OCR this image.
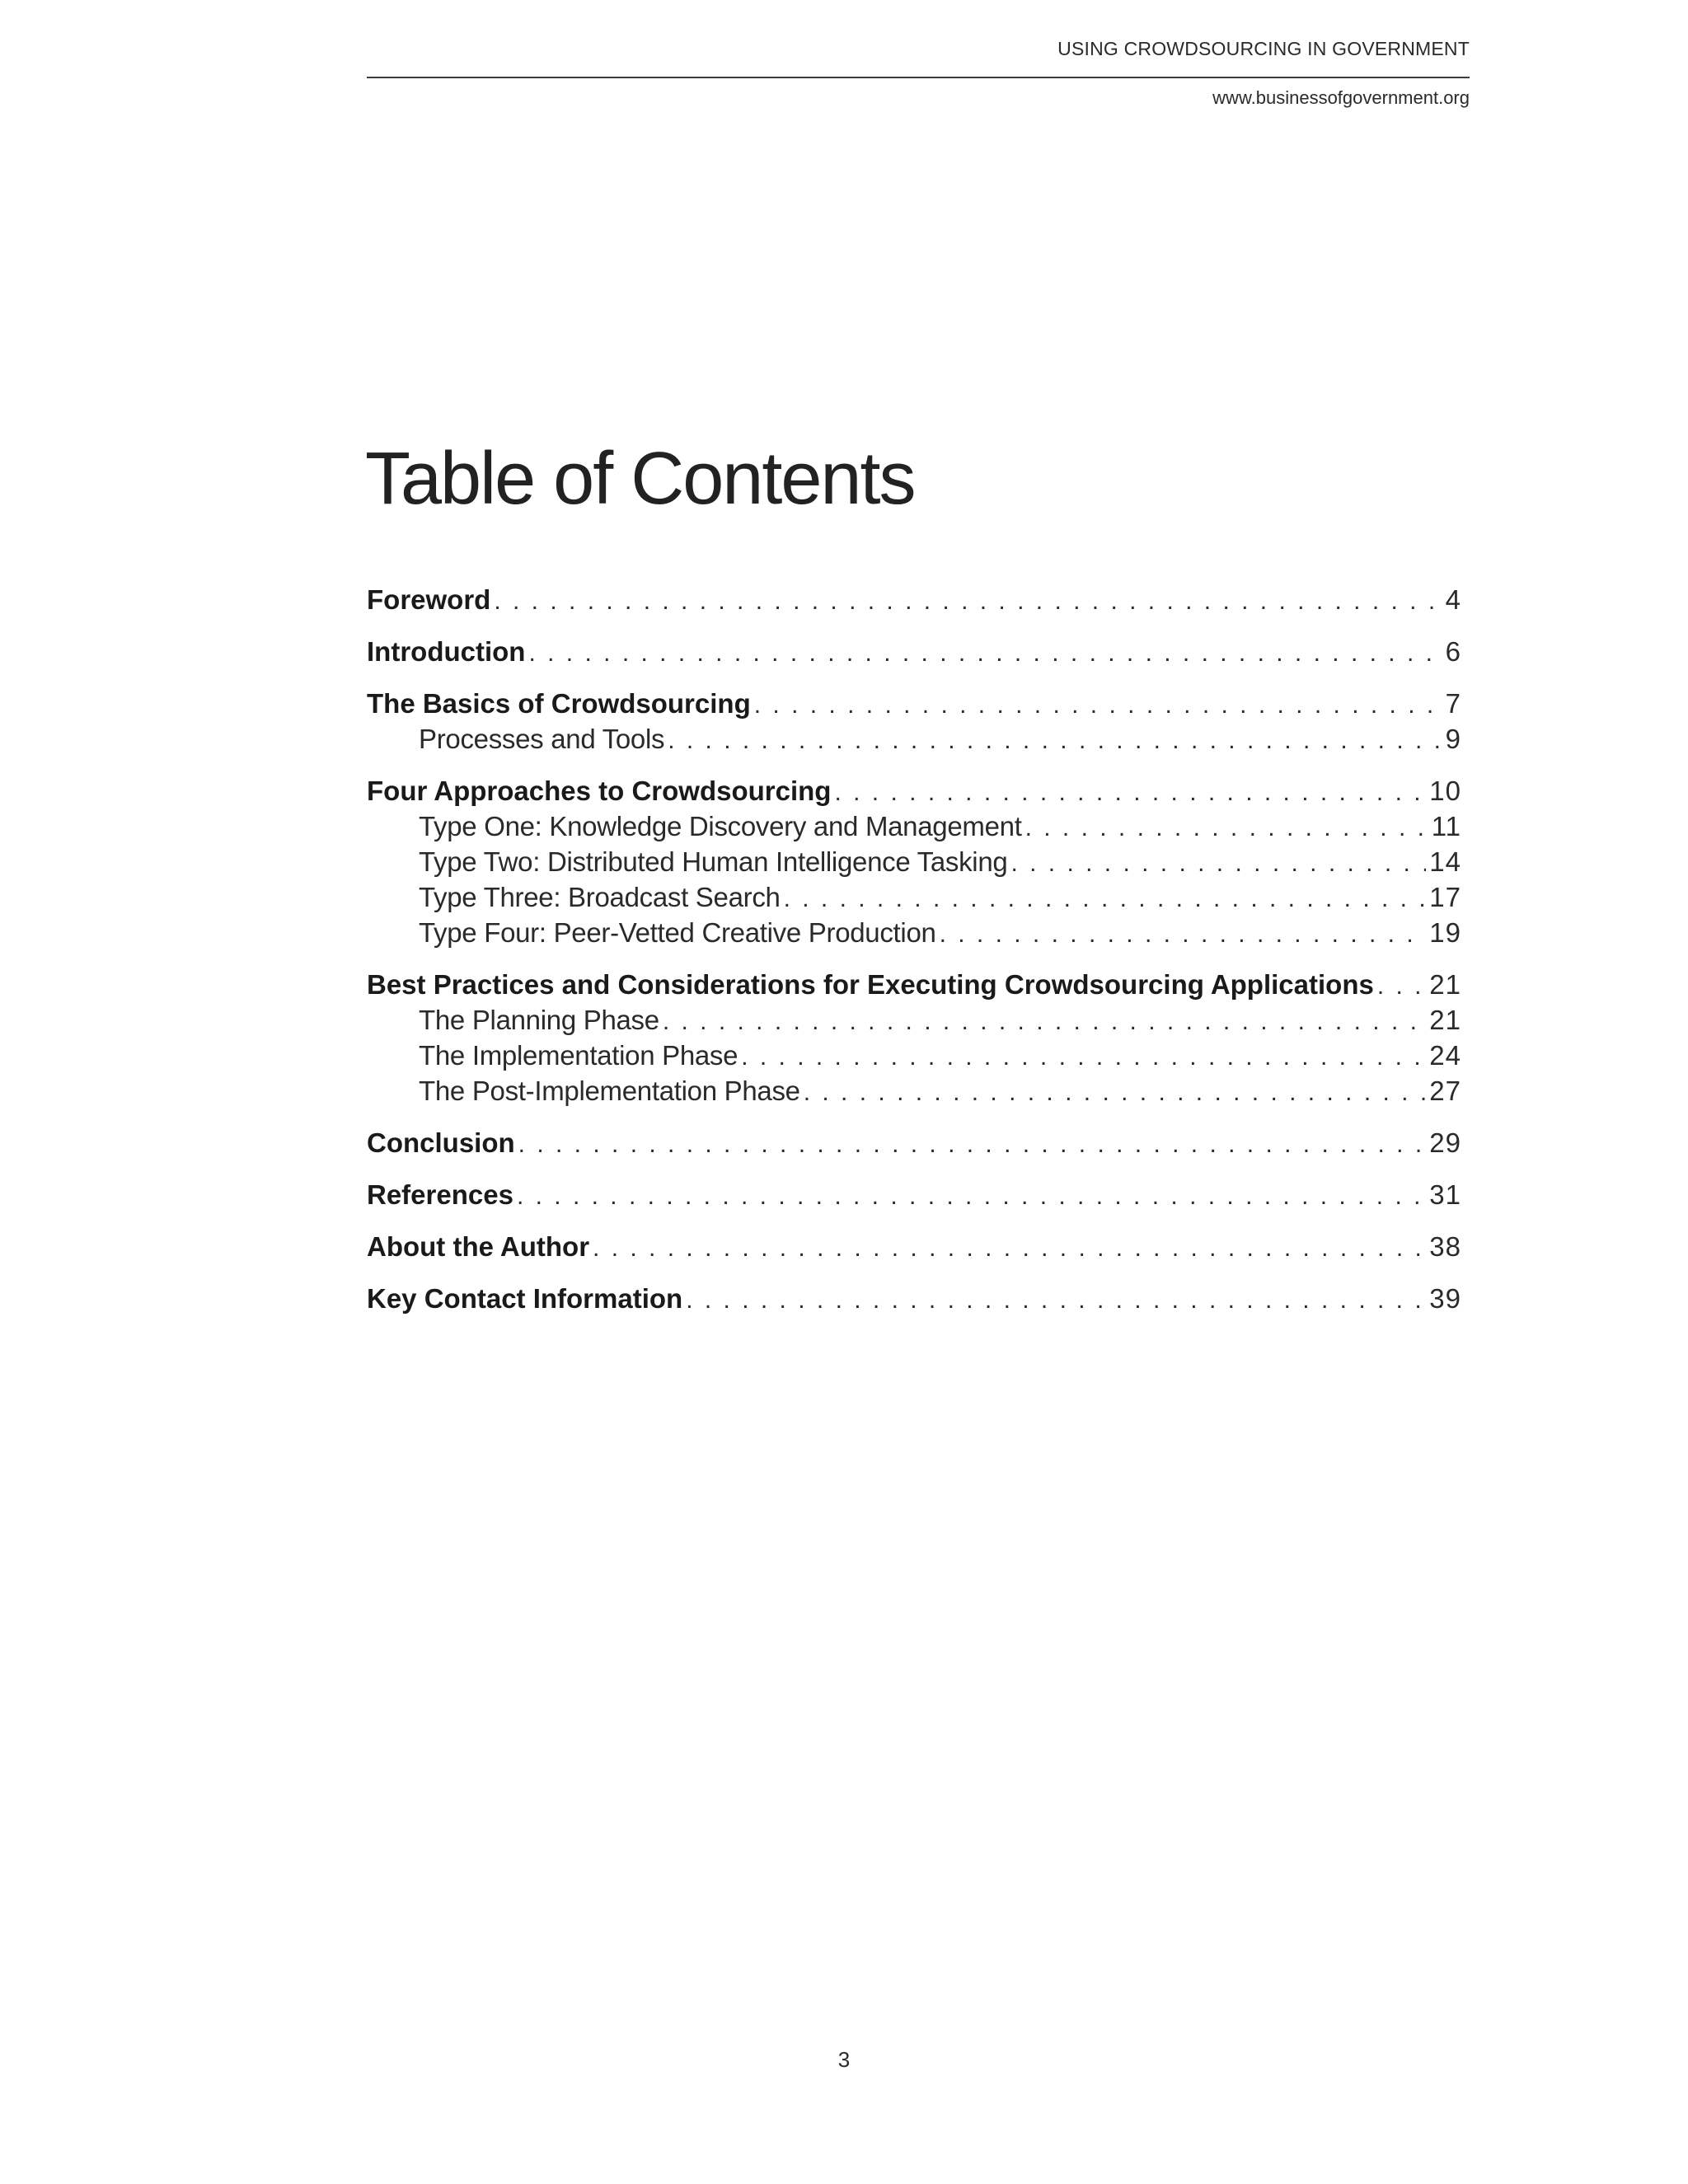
USING CROWDSOURCING IN GOVERNMENT
www.businessofgovernment.org
Table of Contents
Foreword . . .	4
Introduction . . .	6
The Basics of Crowdsourcing . . .	7
Processes and Tools . . .	9
Four Approaches to Crowdsourcing . . .	10
Type One: Knowledge Discovery and Management . . .	11
Type Two: Distributed Human Intelligence Tasking . . .	14
Type Three: Broadcast Search . . .	17
Type Four: Peer-Vetted Creative Production . . .	19
Best Practices and Considerations for Executing Crowdsourcing Applications . . . 21
The Planning Phase . . .	21
The Implementation Phase . . .	24
The Post-Implementation Phase . . .	27
Conclusion . . .	29
References . . .	31
About the Author . . .	38
Key Contact Information . . .	39
3
